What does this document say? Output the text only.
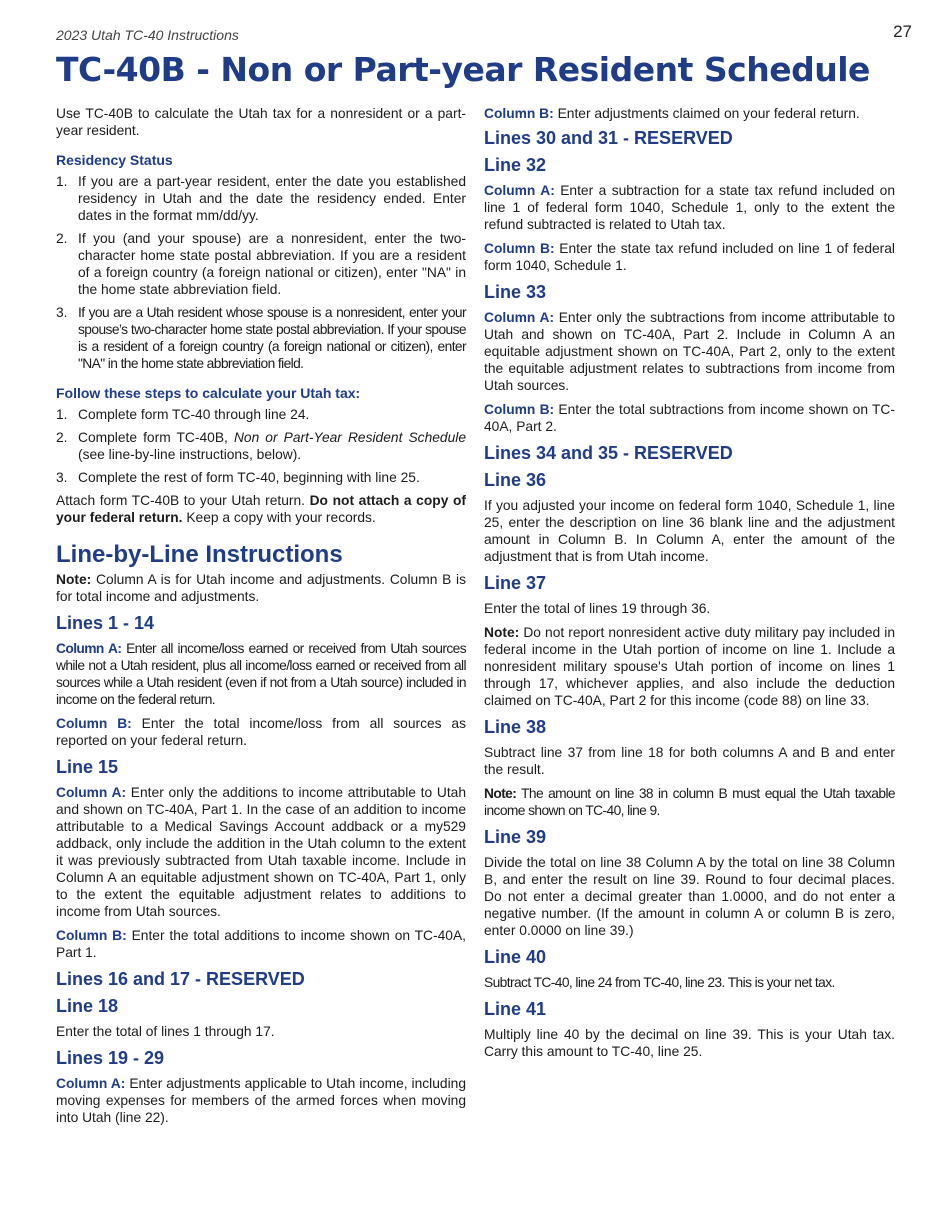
2023 Utah TC-40 Instructions	27
TC-40B - Non or Part-year Resident Schedule

Use TC-40B to calculate the Utah tax for a nonresident or a part-year resident.

Residency Status
1. If you are a part-year resident, enter the date you established residency in Utah and the date the residency ended. Enter dates in the format mm/dd/yy.
2. If you (and your spouse) are a nonresident, enter the two-character home state postal abbreviation. If you are a resident of a foreign country (a foreign national or citizen), enter "NA" in the home state abbreviation field.
3. If you are a Utah resident whose spouse is a nonresident, enter your spouse’s two-character home state postal abbreviation. If your spouse is a resident of a foreign country (a foreign national or citizen), enter "NA" in the home state abbreviation field.
Follow these steps to calculate your Utah tax:
1. Complete form TC-40 through line 24.
2. Complete form TC-40B, Non or Part-Year Resident Schedule (see line-by-line instructions, below).
3. Complete the rest of form TC-40, beginning with line 25.

Attach form TC-40B to your Utah return. Do not attach a copy of your federal return. Keep a copy with your records.

Line-by-Line Instructions

Note: Column A is for Utah income and adjustments. Column B is for total income and adjustments.

Lines 1 - 14

Column A: Enter all income/loss earned or received from Utah sources while not a Utah resident, plus all income/loss earned or received from all sources while a Utah resident (even if not from a Utah source) included in income on the federal return.

Column B: Enter the total income/loss from all sources as reported on your federal return.

Line 15

Column A: Enter only the additions to income attributable to Utah and shown on TC-40A, Part 1. In the case of an addition to income attributable to a Medical Savings Account addback or a my529 addback, only include the addition in the Utah column to the extent it was previously subtracted from Utah taxable income. Include in Column A an equitable adjustment shown on TC-40A, Part 1, only to the extent the equitable adjustment relates to additions to income from Utah sources.

Column B: Enter the total additions to income shown on TC-40A, Part 1.

Lines 16 and 17 - RESERVED
Line 18

Enter the total of lines 1 through 17.

Lines 19 - 29

Column A: Enter adjustments applicable to Utah income, including moving expenses for members of the armed forces when moving into Utah (line 22).

Column B: Enter adjustments claimed on your federal return.

Lines 30 and 31 - RESERVED
Line 32

Column A: Enter a subtraction for a state tax refund included on line 1 of federal form 1040, Schedule 1, only to the extent the refund subtracted is related to Utah tax.

Column B: Enter the state tax refund included on line 1 of federal form 1040, Schedule 1.

Line 33

Column A: Enter only the subtractions from income attributable to Utah and shown on TC-40A, Part 2. Include in Column A an equitable adjustment shown on TC-40A, Part 2, only to the extent the equitable adjustment relates to subtractions from income from Utah sources.

Column B: Enter the total subtractions from income shown on TC-40A, Part 2.

Lines 34 and 35 - RESERVED
Line 36

If you adjusted your income on federal form 1040, Schedule 1, line 25, enter the description on line 36 blank line and the adjustment amount in Column B. In Column A, enter the amount of the adjustment that is from Utah income.

Line 37

Enter the total of lines 19 through 36.

Note: Do not report nonresident active duty military pay included in federal income in the Utah portion of income on line 1. Include a nonresident military spouse's Utah portion of income on lines 1 through 17, whichever applies, and also include the deduction claimed on TC-40A, Part 2 for this income (code 88) on line 33.

Line 38

Subtract line 37 from line 18 for both columns A and B and enter the result.

Note: The amount on line 38 in column B must equal the Utah taxable income shown on TC-40, line 9.

Line 39

Divide the total on line 38 Column A by the total on line 38 Column B, and enter the result on line 39. Round to four decimal places. Do not enter a decimal greater than 1.0000, and do not enter a negative number. (If the amount in column A or column B is zero, enter 0.0000 on line 39.)

Line 40

Subtract TC-40, line 24 from TC-40, line 23. This is your net tax.

Line 41

Multiply line 40 by the decimal on line 39. This is your Utah tax. Carry this amount to TC-40, line 25.
